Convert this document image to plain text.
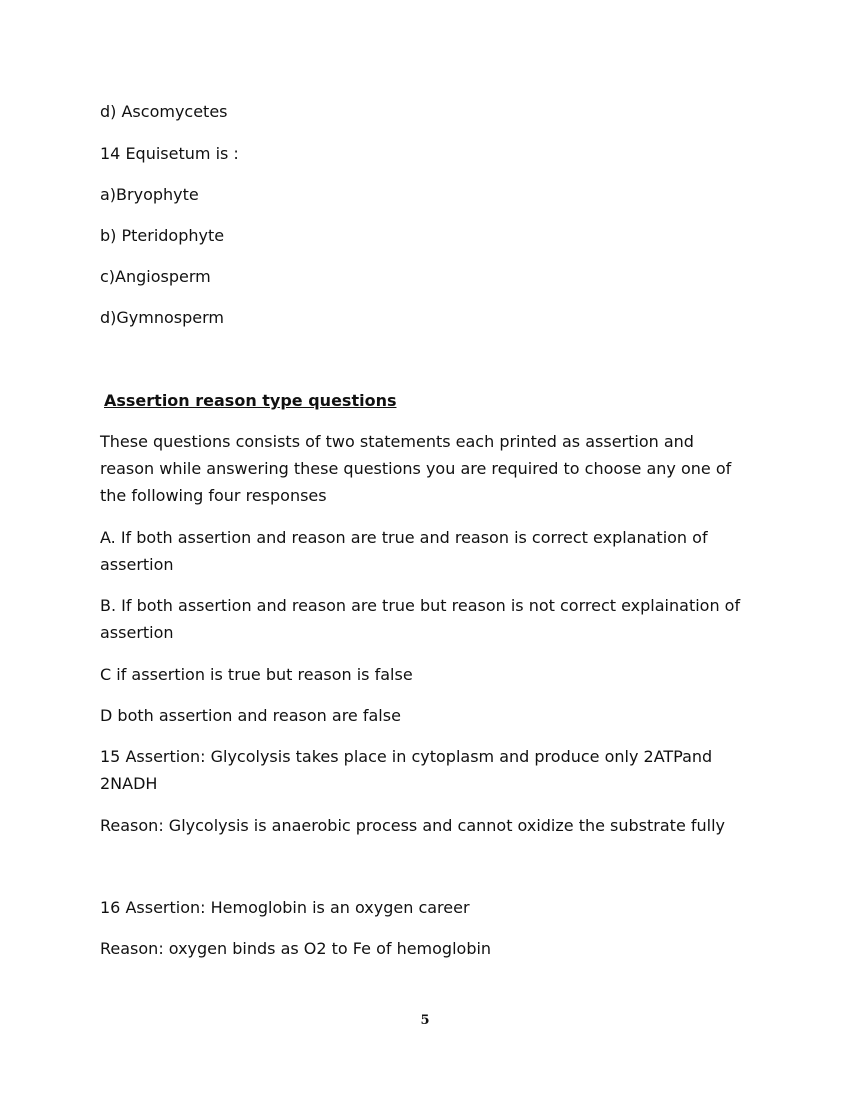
d) Ascomycetes
14 Equisetum is :
a)Bryophyte
b) Pteridophyte
c)Angiosperm
d)Gymnosperm
Assertion reason type questions
These questions consists of two statements each printed as assertion and reason while answering these questions you are required to choose any one of the following four responses
A. If both assertion and reason are true and reason is correct explanation of assertion
B. If both assertion and reason are true but reason is not correct explaination of assertion
C if assertion is true but reason is false
D both assertion and reason are false
15 Assertion: Glycolysis takes place in cytoplasm and produce only 2ATPand 2NADH
Reason: Glycolysis is anaerobic process and cannot oxidize the substrate fully
16 Assertion: Hemoglobin is an oxygen career
Reason: oxygen binds as O2 to Fe of hemoglobin
5
